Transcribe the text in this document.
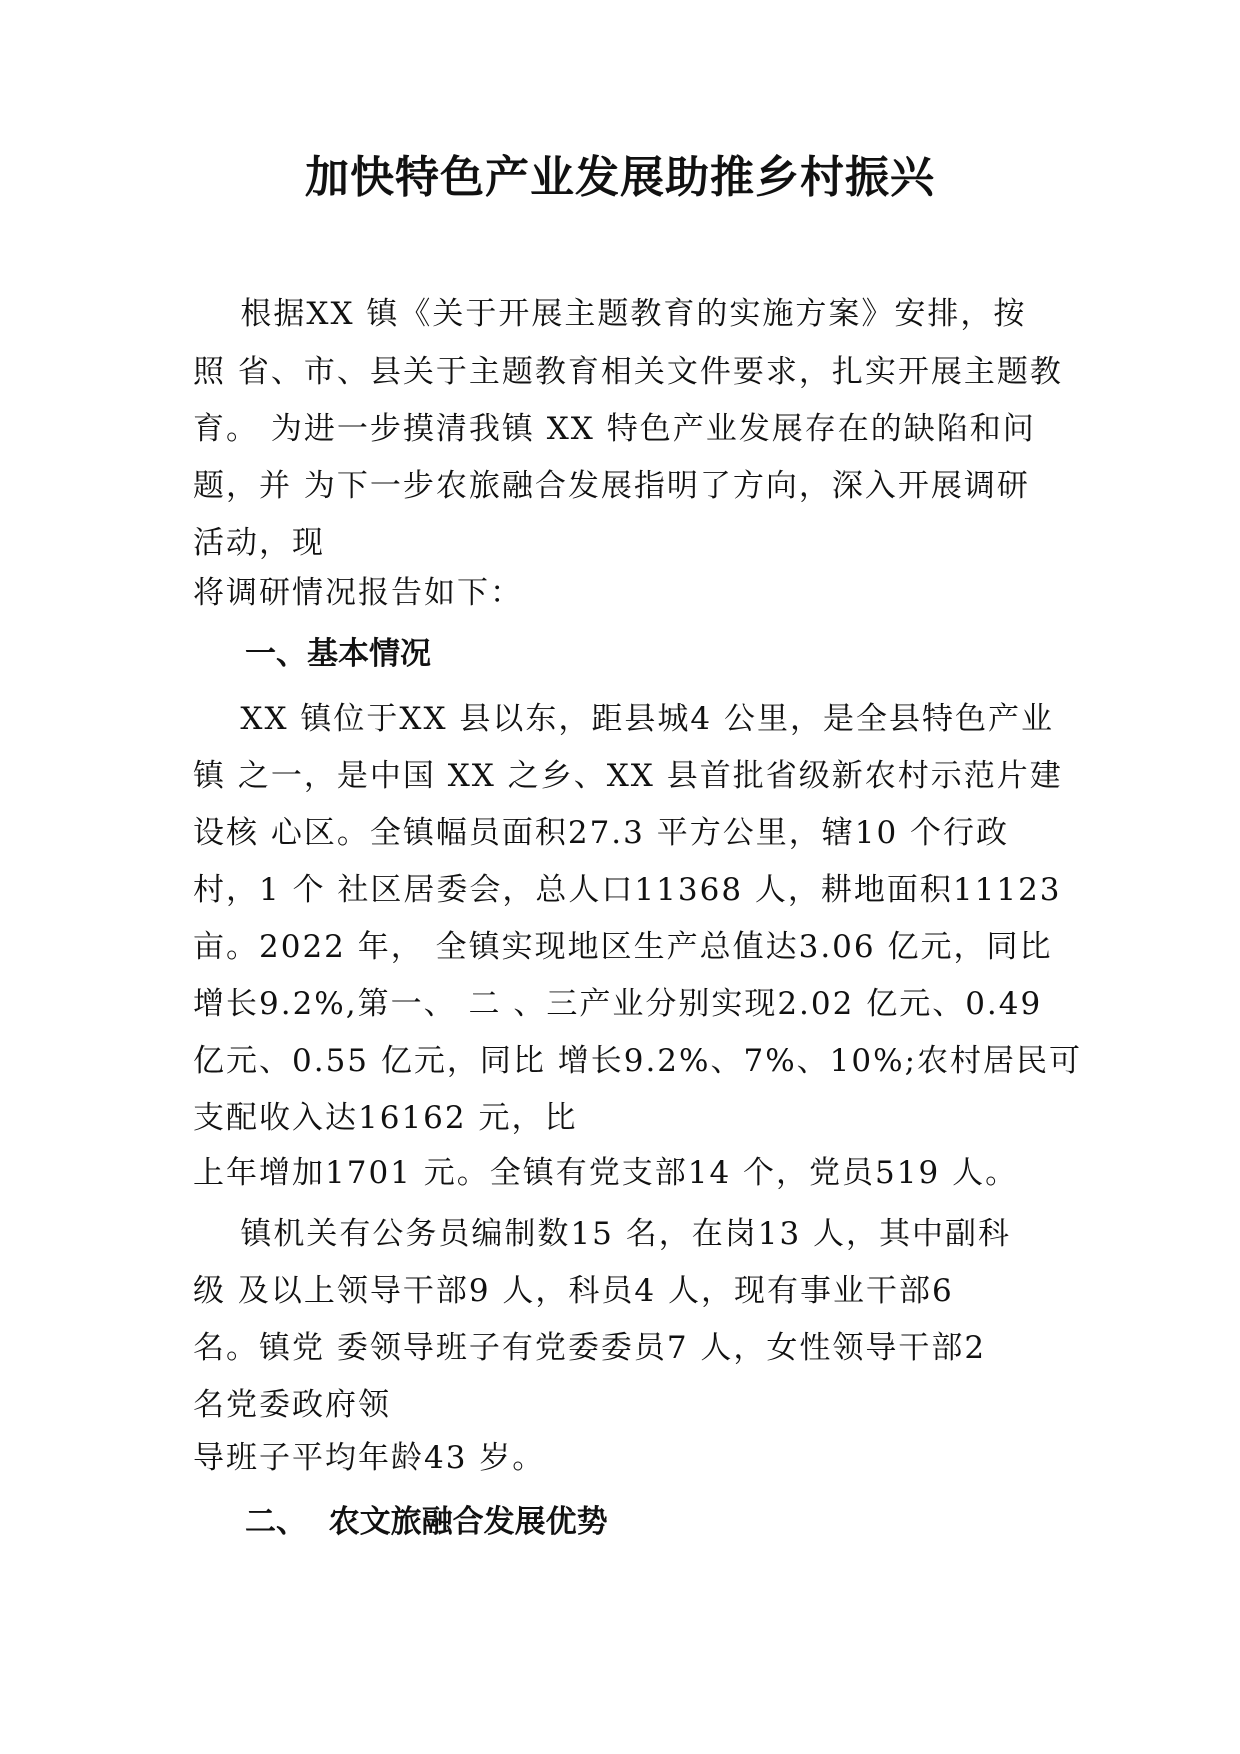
加快特色产业发展助推乡村振兴
根据XX 镇《关于开展主题教育的实施方案》安排，按
照 省、市、县关于主题教育相关文件要求，扎实开展主题教
育。 为进一步摸清我镇 XX 特色产业发展存在的缺陷和问
题，并 为下一步农旅融合发展指明了方向，深入开展调研
活动，现
将调研情况报告如下：
一、基本情况
XX 镇位于XX 县以东，距县城4 公里，是全县特色产业
镇 之一，是中国 XX 之乡、XX 县首批省级新农村示范片建
设核 心区。全镇幅员面积27.3 平方公里，辖10 个行政
村，1 个 社区居委会，总人口11368 人，耕地面积11123
亩。2022 年， 全镇实现地区生产总值达3.06 亿元，同比
增长9.2%,第一、 二 、三产业分别实现2.02 亿元、0.49
亿元、0.55 亿元，同比 增长9.2%、7%、10%;农村居民可
支配收入达16162 元，比
上年增加1701 元。全镇有党支部14 个，党员519 人。
镇机关有公务员编制数15 名，在岗13 人，其中副科
级 及以上领导干部9 人，科员4 人，现有事业干部6
名。镇党 委领导班子有党委委员7 人，女性领导干部2
名党委政府领
导班子平均年龄43 岁。
二、  农文旅融合发展优势
